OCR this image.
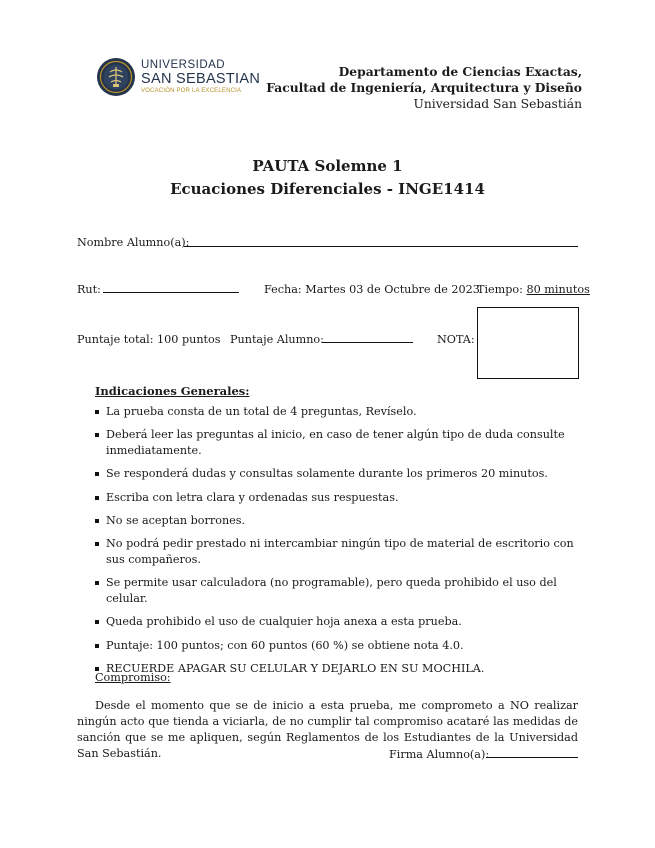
UNIVERSIDAD
SAN SEBASTIAN
VOCACIÓN POR LA EXCELENCIA
Departamento de Ciencias Exactas,
Facultad de Ingeniería, Arquitectura y Diseño
Universidad San Sebastián
PAUTA Solemne 1
Ecuaciones Diferenciales - INGE1414
Nombre Alumno(a):
Rut:	Fecha: Martes 03 de Octubre de 2023
Tiempo: 80 minutos
Puntaje total: 100 puntos Puntaje Alumno:	NOTA:
Indicaciones Generales:
La prueba consta de un total de 4 preguntas, Revíselo.
Deberá leer las preguntas al inicio, en caso de tener algún tipo de duda consulte inmediatamente.
Se responderá dudas y consultas solamente durante los primeros 20 minutos.
Escriba con letra clara y ordenadas sus respuestas.
No se aceptan borrones.
No podrá pedir prestado ni intercambiar ningún tipo de material de escritorio con sus compañeros.
Se permite usar calculadora (no programable), pero queda prohibido el uso del celular.
Queda prohibido el uso de cualquier hoja anexa a esta prueba.
Puntaje: 100 puntos; con 60 puntos (60 %) se obtiene nota 4.0.
RECUERDE APAGAR SU CELULAR Y DEJARLO EN SU MOCHILA.
Compromiso:
Desde el momento que se de inicio a esta prueba, me comprometo a NO realizar ningún acto que tienda a viciarla, de no cumplir tal compromiso acataré las medidas de sanción que se me apliquen, según Reglamentos de los Estudiantes de la Universidad San Sebastián.	Firma Alumno(a):
